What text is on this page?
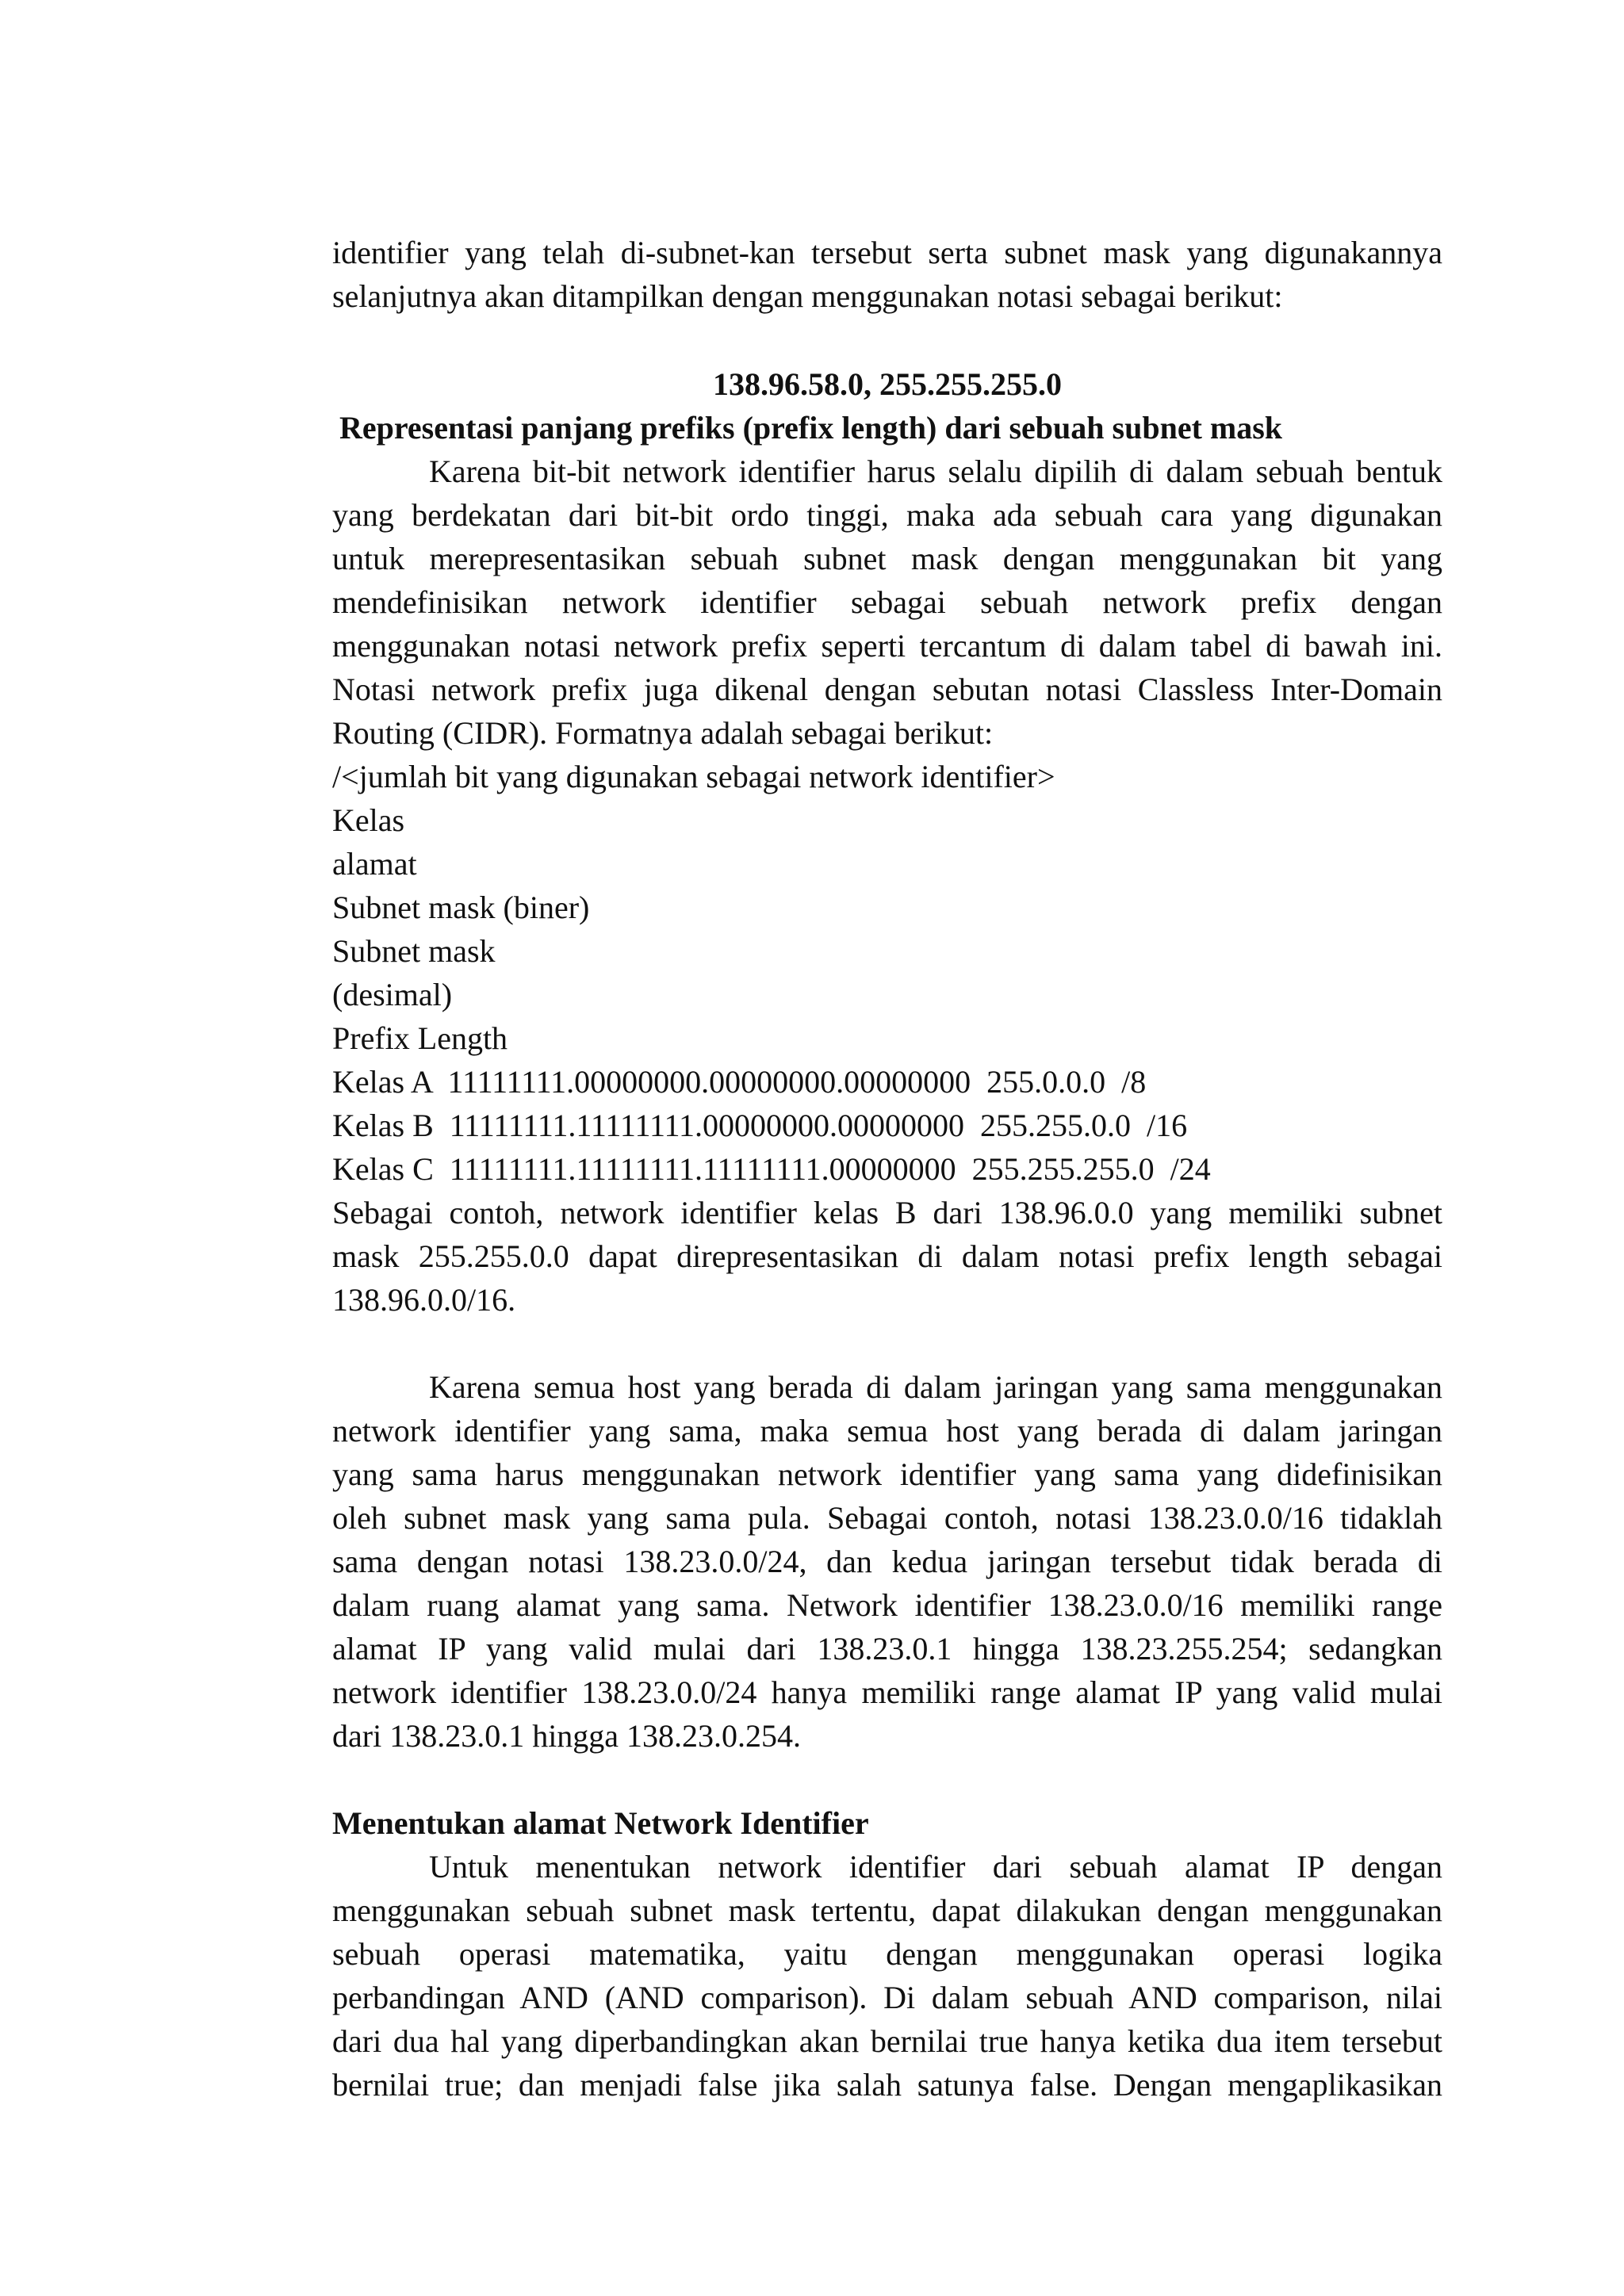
identifier yang telah di-subnet-kan tersebut serta subnet mask yang digunakannya
selanjutnya akan ditampilkan dengan menggunakan notasi sebagai berikut:
138.96.58.0, 255.255.255.0
Representasi panjang prefiks (prefix length) dari sebuah subnet mask
Karena bit-bit network identifier harus selalu dipilih di dalam sebuah bentuk
yang berdekatan dari bit-bit ordo tinggi, maka ada sebuah cara yang digunakan
untuk merepresentasikan sebuah subnet mask dengan menggunakan bit yang
mendefinisikan network identifier sebagai sebuah network prefix dengan
menggunakan notasi network prefix seperti tercantum di dalam tabel di bawah ini.
Notasi network prefix juga dikenal dengan sebutan notasi Classless Inter-Domain
Routing (CIDR). Formatnya adalah sebagai berikut:
/<jumlah bit yang digunakan sebagai network identifier>
Kelas
alamat
Subnet mask (biner)
Subnet mask
(desimal)
Prefix Length
Kelas A 11111111.00000000.00000000.00000000 255.0.0.0 /8
Kelas B 11111111.11111111.00000000.00000000 255.255.0.0 /16
Kelas C 11111111.11111111.11111111.00000000 255.255.255.0 /24
Sebagai contoh, network identifier kelas B dari 138.96.0.0 yang memiliki subnet
mask 255.255.0.0 dapat direpresentasikan di dalam notasi prefix length sebagai
138.96.0.0/16.
Karena semua host yang berada di dalam jaringan yang sama menggunakan
network identifier yang sama, maka semua host yang berada di dalam jaringan
yang sama harus menggunakan network identifier yang sama yang didefinisikan
oleh subnet mask yang sama pula. Sebagai contoh, notasi 138.23.0.0/16 tidaklah
sama dengan notasi 138.23.0.0/24, dan kedua jaringan tersebut tidak berada di
dalam ruang alamat yang sama. Network identifier 138.23.0.0/16 memiliki range
alamat IP yang valid mulai dari 138.23.0.1 hingga 138.23.255.254; sedangkan
network identifier 138.23.0.0/24 hanya memiliki range alamat IP yang valid mulai
dari 138.23.0.1 hingga 138.23.0.254.
Menentukan alamat Network Identifier
Untuk menentukan network identifier dari sebuah alamat IP dengan
menggunakan sebuah subnet mask tertentu, dapat dilakukan dengan menggunakan
sebuah operasi matematika, yaitu dengan menggunakan operasi logika
perbandingan AND (AND comparison). Di dalam sebuah AND comparison, nilai
dari dua hal yang diperbandingkan akan bernilai true hanya ketika dua item tersebut
bernilai true; dan menjadi false jika salah satunya false. Dengan mengaplikasikan
